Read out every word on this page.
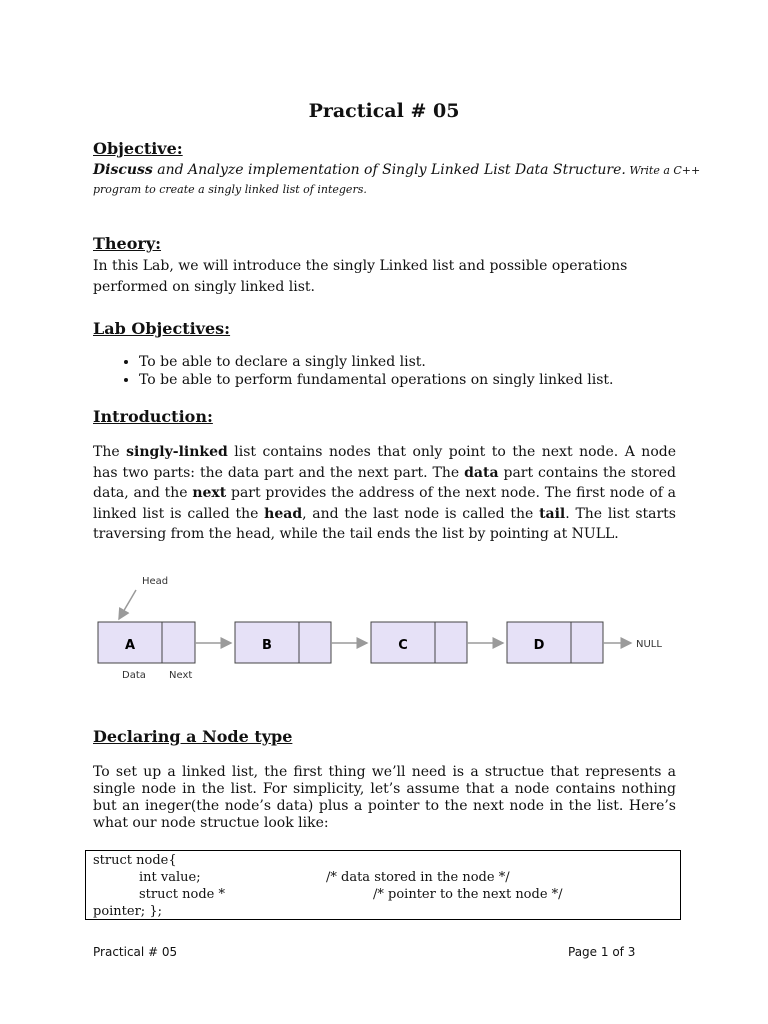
Practical # 05
Objective:
Discuss and Analyze implementation of Singly Linked List Data Structure. Write a C++
program to create a singly linked list of integers.
Theory:
In this Lab, we will introduce the singly Linked list and possible operations performed on singly linked list.
Lab Objectives:
• To be able to declare a singly linked list.
• To be able to perform fundamental operations on singly linked list.
Introduction:
The singly-linked list contains nodes that only point to the next node. A node has two parts: the data part and the next part. The data part contains the stored data, and the next part provides the address of the next node. The first node of a linked list is called the head, and the last node is called the tail. The list starts traversing from the head, while the tail ends the list by pointing at NULL.
Head
A	B	C	D	NULL
Data Next
Declaring a Node type
To set up a linked list, the first thing we’ll need is a structue that represents a single node in the list. For simplicity, let’s assume that a node contains nothing but an ineger(the node’s data) plus a pointer to the next node in the list. Here’s what our node structue look like:
struct node{
int value;	/* data stored in the node */
struct node *	/* pointer to the next node */
pointer; };
Practical # 05	Page 1 of 3
